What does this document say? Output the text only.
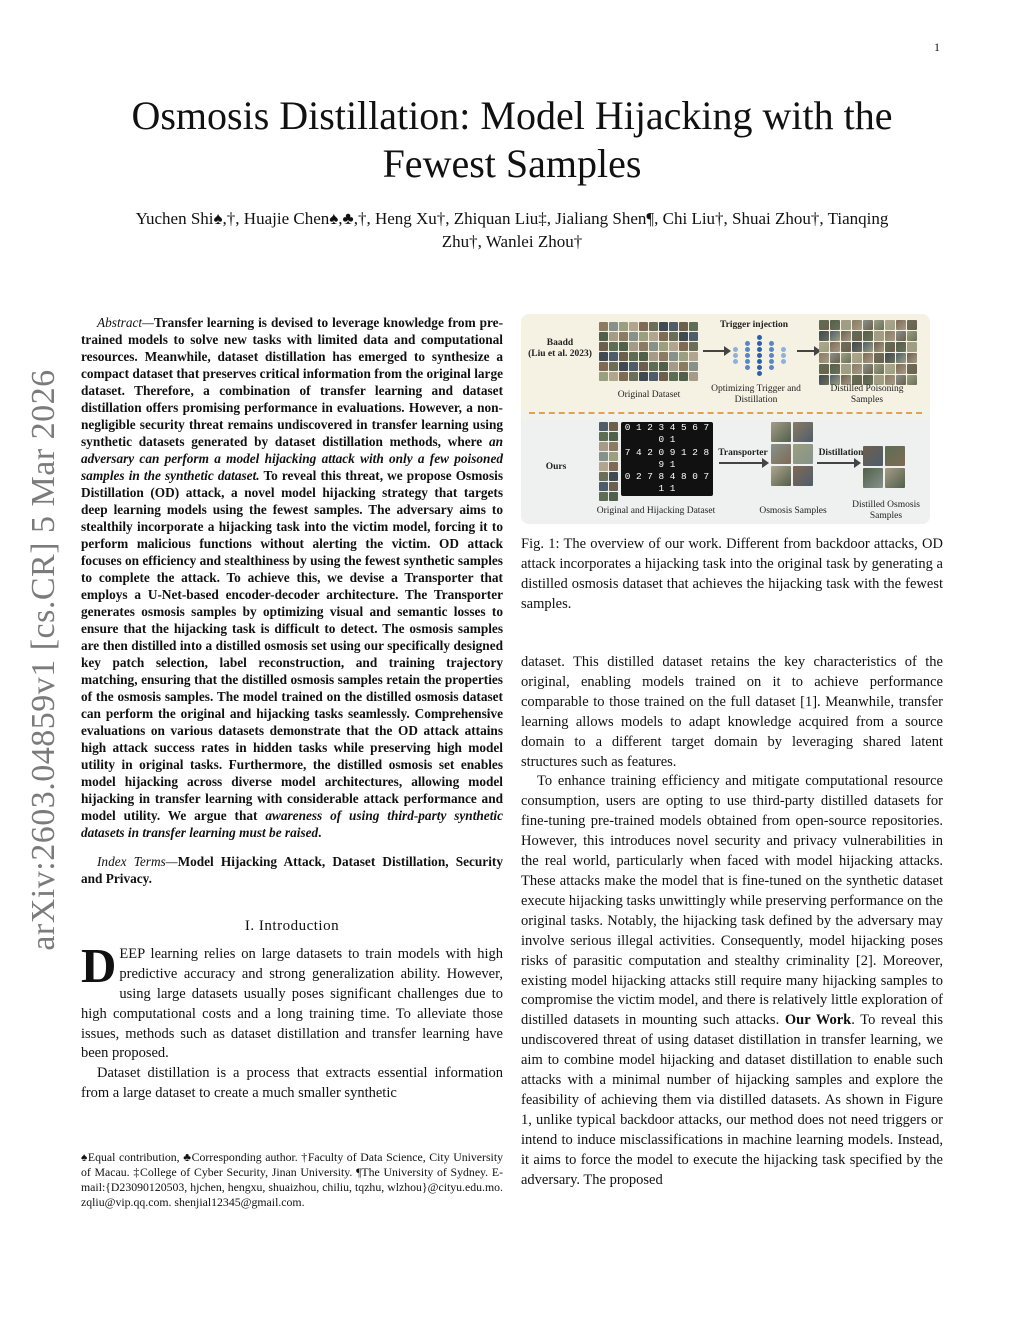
1
arXiv:2603.04859v1 [cs.CR] 5 Mar 2026
Osmosis Distillation: Model Hijacking with the Fewest Samples
Yuchen Shi♠,†, Huajie Chen♠,♣,†, Heng Xu†, Zhiquan Liu‡, Jialiang Shen¶, Chi Liu†, Shuai Zhou†, Tianqing
Zhu†, Wanlei Zhou†

Abstract—Transfer learning is devised to leverage knowledge from pre-trained models to solve new tasks with limited data and computational resources. Meanwhile, dataset distillation has emerged to synthesize a compact dataset that preserves critical information from the original large dataset. Therefore, a combination of transfer learning and dataset distillation offers promising performance in evaluations. However, a non-negligible security threat remains undiscovered in transfer learning using synthetic datasets generated by dataset distillation methods, where an adversary can perform a model hijacking attack with only a few poisoned samples in the synthetic dataset. To reveal this threat, we propose Osmosis Distillation (OD) attack, a novel model hijacking strategy that targets deep learning models using the fewest samples. The adversary aims to stealthily incorporate a hijacking task into the victim model, forcing it to perform malicious functions without alerting the victim. OD attack focuses on efficiency and stealthiness by using the fewest synthetic samples to complete the attack. To achieve this, we devise a Transporter that employs a U-Net-based encoder-decoder architecture. The Transporter generates osmosis samples by optimizing visual and semantic losses to ensure that the hijacking task is difficult to detect. The osmosis samples are then distilled into a distilled osmosis set using our specifically designed key patch selection, label reconstruction, and training trajectory matching, ensuring that the distilled osmosis samples retain the properties of the osmosis samples. The model trained on the distilled osmosis dataset can perform the original and hijacking tasks seamlessly. Comprehensive evaluations on various datasets demonstrate that the OD attack attains high attack success rates in hidden tasks while preserving high model utility in original tasks. Furthermore, the distilled osmosis set enables model hijacking across diverse model architectures, allowing model hijacking in transfer learning with considerable attack performance and model utility. We argue that awareness of using third-party synthetic datasets in transfer learning must be raised.

Index Terms—Model Hijacking Attack, Dataset Distillation, Security and Privacy.

I. Introduction

DEEP learning relies on large datasets to train models with high predictive accuracy and strong generalization ability. However, using large datasets usually poses significant challenges due to high computational costs and a long training time. To alleviate those issues, methods such as dataset distillation and transfer learning have been proposed.

Dataset distillation is a process that extracts essential information from a large dataset to create a much smaller synthetic

♠Equal contribution, ♣Corresponding author. †Faculty of Data Science, City University of Macau. ‡College of Cyber Security, Jinan University. ¶The University of Sydney. E-mail:{D23090120503, hjchen, hengxu, shuaizhou, chiliu, tqzhu, wlzhou}@cityu.edu.mo. zqliu@vip.qq.com. shenjial12345@gmail.com.
Baadd
(Liu et al. 2023)
Original Dataset
Trigger injection
Optimizing Trigger and Distillation
Distilled Poisoning Samples
Ours
0 1 2 3 4 5 6 7 0 1
7 4 2 0 9 1 2 8 9 1
0 2 7 8 4 8 0 7 1 1
Original and Hijacking Dataset
Transporter
Osmosis Samples
Distillation
Distilled Osmosis Samples
Fig. 1: The overview of our work. Different from backdoor attacks, OD attack incorporates a hijacking task into the original task by generating a distilled osmosis dataset that achieves the hijacking task with the fewest samples.

dataset. This distilled dataset retains the key characteristics of the original, enabling models trained on it to achieve performance comparable to those trained on the full dataset [1]. Meanwhile, transfer learning allows models to adapt knowledge acquired from a source domain to a different target domain by leveraging shared latent structures such as features.

To enhance training efficiency and mitigate computational resource consumption, users are opting to use third-party distilled datasets for fine-tuning pre-trained models obtained from open-source repositories. However, this introduces novel security and privacy vulnerabilities in the real world, particularly when faced with model hijacking attacks. These attacks make the model that is fine-tuned on the synthetic dataset execute hijacking tasks unwittingly while preserving performance on the original tasks. Notably, the hijacking task defined by the adversary may involve serious illegal activities. Consequently, model hijacking poses risks of parasitic computation and stealthy criminality [2]. Moreover, existing model hijacking attacks still require many hijacking samples to compromise the victim model, and there is relatively little exploration of distilled datasets in mounting such attacks. Our Work. To reveal this undiscovered threat of using dataset distillation in transfer learning, we aim to combine model hijacking and dataset distillation to enable such attacks with a minimal number of hijacking samples and explore the feasibility of achieving them via distilled datasets. As shown in Figure 1, unlike typical backdoor attacks, our method does not need triggers or intend to induce misclassifications in machine learning models. Instead, it aims to force the model to execute the hijacking task specified by the adversary. The proposed
